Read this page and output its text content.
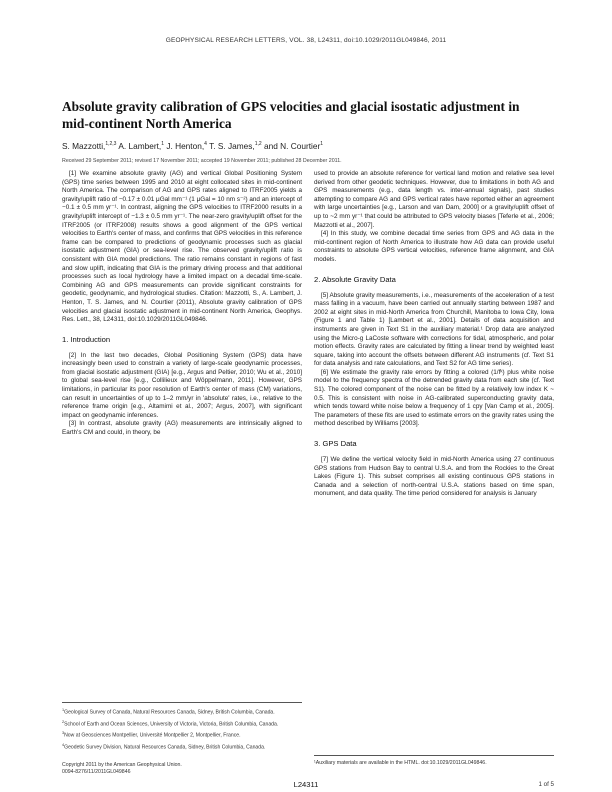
GEOPHYSICAL RESEARCH LETTERS, VOL. 38, L24311, doi:10.1029/2011GL049846, 2011
Absolute gravity calibration of GPS velocities and glacial isostatic adjustment in mid-continent North America
S. Mazzotti,$^{1,2,3}$ A. Lambert,$^1$ J. Henton,$^4$ T. S. James,$^{1,2}$ and N. Courtier$^1$
Received 29 September 2011; revised 17 November 2011; accepted 19 November 2011; published 28 December 2011.

[1] We examine absolute gravity (AG) and vertical Global Positioning System (GPS) time series between 1995 and 2010 at eight collocated sites in mid-continent North America. The comparison of AG and GPS rates aligned to ITRF2005 yields a gravity/uplift ratio of −0.17 ± 0.01 μGal mm⁻¹ (1 μGal = 10 nm s⁻²) and an intercept of −0.1 ± 0.5 mm yr⁻¹. In contrast, aligning the GPS velocities to ITRF2000 results in a gravity/uplift intercept of −1.3 ± 0.5 mm yr⁻¹. The near-zero gravity/uplift offset for the ITRF2005 (or ITRF2008) results shows a good alignment of the GPS vertical velocities to Earth's center of mass, and confirms that GPS velocities in this reference frame can be compared to predictions of geodynamic processes such as glacial isostatic adjustment (GIA) or sea-level rise. The observed gravity/uplift ratio is consistent with GIA model predictions. The ratio remains constant in regions of fast and slow uplift, indicating that GIA is the primary driving process and that additional processes such as local hydrology have a limited impact on a decadal time-scale. Combining AG and GPS measurements can provide significant constraints for geodetic, geodynamic, and hydrological studies. Citation: Mazzotti, S., A. Lambert, J. Henton, T. S. James, and N. Courtier (2011), Absolute gravity calibration of GPS velocities and glacial isostatic adjustment in mid-continent North America, Geophys. Res. Lett., 38, L24311, doi:10.1029/2011GL049846.

1. Introduction

[2] In the last two decades, Global Positioning System (GPS) data have increasingly been used to constrain a variety of large-scale geodynamic processes, from glacial isostatic adjustment (GIA) [e.g., Argus and Peltier, 2010; Wu et al., 2010] to global sea-level rise [e.g., Collilieux and Wöppelmann, 2011]. However, GPS limitations, in particular its poor resolution of Earth's center of mass (CM) variations, can result in uncertainties of up to 1–2 mm/yr in 'absolute' rates, i.e., relative to the reference frame origin [e.g., Altamimi et al., 2007; Argus, 2007], with significant impact on geodynamic inferences.

[3] In contrast, absolute gravity (AG) measurements are intrinsically aligned to Earth's CM and could, in theory, be

$^1$Geological Survey of Canada, Natural Resources Canada, Sidney, British Columbia, Canada.

$^2$School of Earth and Ocean Sciences, University of Victoria, Victoria, British Columbia, Canada.

$^3$Now at Geosciences Montpellier, Université Montpellier 2, Montpellier, France.

$^4$Geodetic Survey Division, Natural Resources Canada, Sidney, British Columbia, Canada.

Copyright 2011 by the American Geophysical Union.

0094-8276/11/2011GL049846

used to provide an absolute reference for vertical land motion and relative sea level derived from other geodetic techniques. However, due to limitations in both AG and GPS measurements (e.g., data length vs. inter-annual signals), past studies attempting to compare AG and GPS vertical rates have reported either an agreement with large uncertainties [e.g., Larson and van Dam, 2000] or a gravity/uplift offset of up to ~2 mm yr⁻¹ that could be attributed to GPS velocity biases [Teferle et al., 2006; Mazzotti et al., 2007].

[4] In this study, we combine decadal time series from GPS and AG data in the mid-continent region of North America to illustrate how AG data can provide useful constraints to absolute GPS vertical velocities, reference frame alignment, and GIA models.

2. Absolute Gravity Data

[5] Absolute gravity measurements, i.e., measurements of the acceleration of a test mass falling in a vacuum, have been carried out annually starting between 1987 and 2002 at eight sites in mid-North America from Churchill, Manitoba to Iowa City, Iowa (Figure 1 and Table 1) [Lambert et al., 2001]. Details of data acquisition and instruments are given in Text S1 in the auxiliary material.¹ Drop data are analyzed using the Micro-g LaCoste software with corrections for tidal, atmospheric, and polar motion effects. Gravity rates are calculated by fitting a linear trend by weighted least square, taking into account the offsets between different AG instruments (cf. Text S1 for data analysis and rate calculations, and Text S2 for AG time series).

[6] We estimate the gravity rate errors by fitting a colored (1/fᵏ) plus white noise model to the frequency spectra of the detrended gravity data from each site (cf. Text S1). The colored component of the noise can be fitted by a relatively low index K ~ 0.5. This is consistent with noise in AG-calibrated superconducting gravity data, which tends toward white noise below a frequency of 1 cpy [Van Camp et al., 2005]. The parameters of these fits are used to estimate errors on the gravity rates using the method described by Williams [2003].

3. GPS Data

[7] We define the vertical velocity field in mid-North America using 27 continuous GPS stations from Hudson Bay to central U.S.A. and from the Rockies to the Great Lakes (Figure 1). This subset comprises all existing continuous GPS stations in Canada and a selection of north-central U.S.A. stations based on time span, monument, and data quality. The time period considered for analysis is January

¹Auxiliary materials are available in the HTML. doi:10.1029/2011GL049846.

L24311	1 of 5
